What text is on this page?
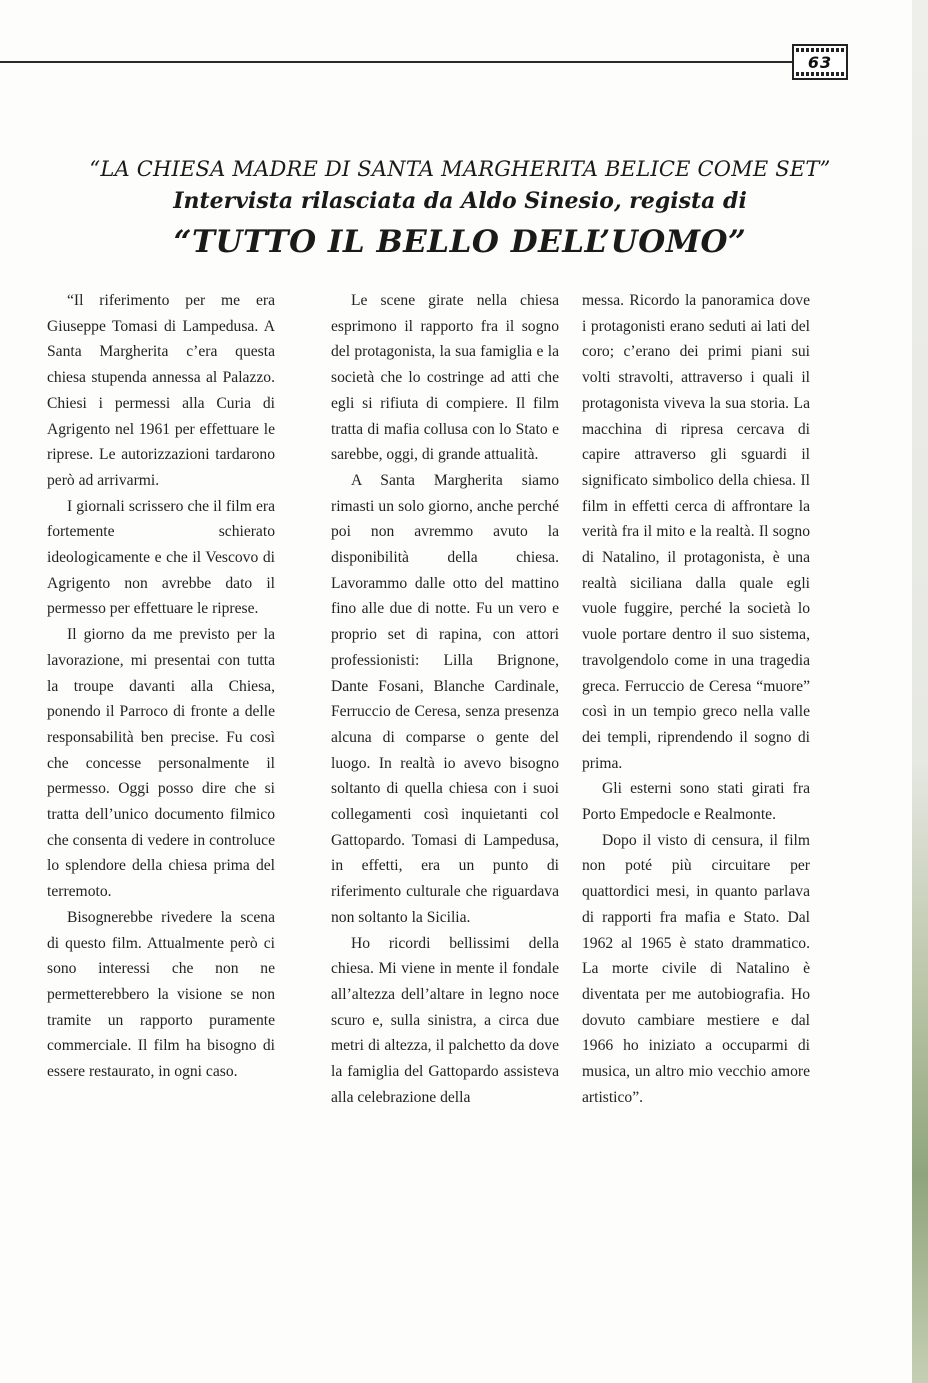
63
“LA CHIESA MADRE DI SANTA MARGHERITA BELICE COME SET”
Intervista rilasciata da Aldo Sinesio, regista di
“TUTTO IL BELLO DELL’UOMO”

“Il riferimento per me era Giuseppe Tomasi di Lampedusa. A Santa Margherita c’era questa chiesa stupenda annessa al Palazzo. Chiesi i permessi alla Curia di Agrigento nel 1961 per effettuare le riprese. Le autorizzazioni tardarono però ad arrivarmi.

I giornali scrissero che il film era fortemente schierato ideologicamente e che il Vescovo di Agrigento non avrebbe dato il permesso per effettuare le riprese.

Il giorno da me previsto per la lavorazione, mi presentai con tutta la troupe davanti alla Chiesa, ponendo il Parroco di fronte a delle responsabilità ben precise. Fu così che concesse personalmente il permesso. Oggi posso dire che si tratta dell’unico documento filmico che consenta di vedere in controluce lo splendore della chiesa prima del terremoto.

Bisognerebbe rivedere la scena di questo film. Attualmente però ci sono interessi che non ne permetterebbero la visione se non tramite un rapporto puramente commerciale. Il film ha bisogno di essere restaurato, in ogni caso.

Le scene girate nella chiesa esprimono il rapporto fra il sogno del protagonista, la sua famiglia e la società che lo costringe ad atti che egli si rifiuta di compiere. Il film tratta di mafia collusa con lo Stato e sarebbe, oggi, di grande attualità.

A Santa Margherita siamo rimasti un solo giorno, anche perché poi non avremmo avuto la disponibilità della chiesa. Lavorammo dalle otto del mattino fino alle due di notte. Fu un vero e proprio set di rapina, con attori professionisti: Lilla Brignone, Dante Fosani, Blanche Cardinale, Ferruccio de Ceresa, senza presenza alcuna di comparse o gente del luogo. In realtà io avevo bisogno soltanto di quella chiesa con i suoi collegamenti così inquietanti col Gattopardo. Tomasi di Lampedusa, in effetti, era un punto di riferimento culturale che riguardava non soltanto la Sicilia.

Ho ricordi bellissimi della chiesa. Mi viene in mente il fondale all’altezza dell’altare in legno noce scuro e, sulla sinistra, a circa due metri di altezza, il palchetto da dove la famiglia del Gattopardo assisteva alla celebrazione della

messa. Ricordo la panoramica dove i protagonisti erano seduti ai lati del coro; c’erano dei primi piani sui volti stravolti, attraverso i quali il protagonista viveva la sua storia. La macchina di ripresa cercava di capire attraverso gli sguardi il significato simbolico della chiesa. Il film in effetti cerca di affrontare la verità fra il mito e la realtà. Il sogno di Natalino, il protagonista, è una realtà siciliana dalla quale egli vuole fuggire, perché la società lo vuole portare dentro il suo sistema, travolgendolo come in una tragedia greca. Ferruccio de Ceresa “muore” così in un tempio greco nella valle dei templi, riprendendo il sogno di prima.

Gli esterni sono stati girati fra Porto Empedocle e Realmonte.

Dopo il visto di censura, il film non poté più circuitare per quattordici mesi, in quanto parlava di rapporti fra mafia e Stato. Dal 1962 al 1965 è stato drammatico. La morte civile di Natalino è diventata per me autobiografia. Ho dovuto cambiare mestiere e dal 1966 ho iniziato a occuparmi di musica, un altro mio vecchio amore artistico”.
